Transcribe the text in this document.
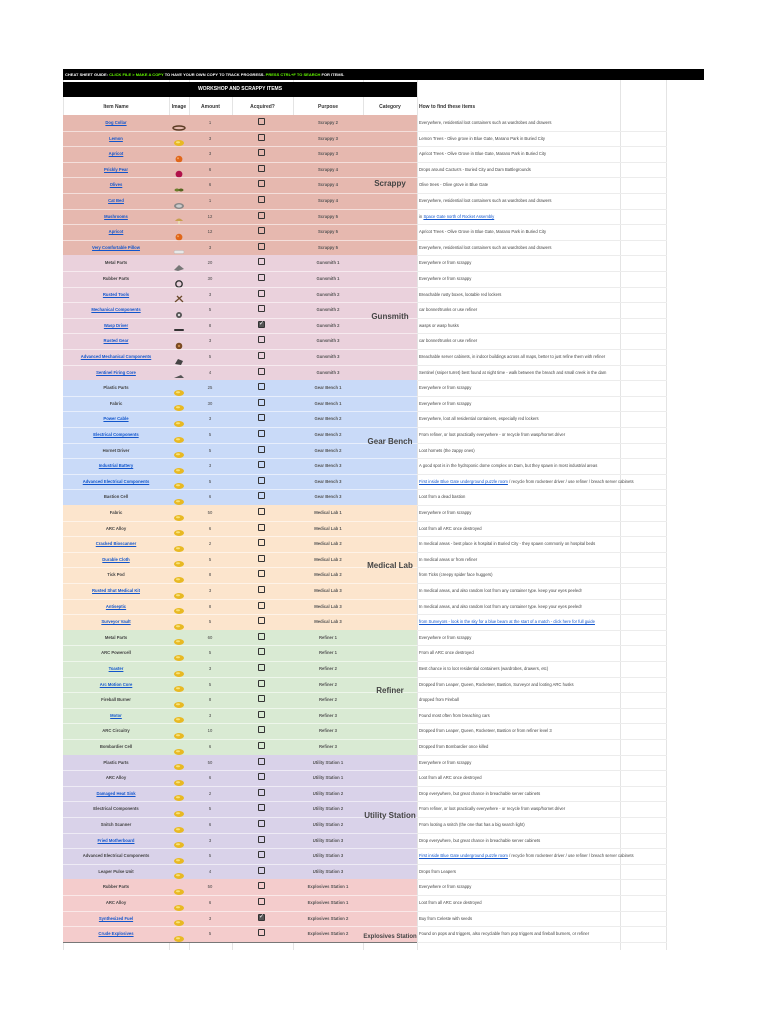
CHEAT SHEET GUIDE: CLICK FILE > MAKE A COPY TO HAVE YOUR OWN COPY TO TRACK PROGRESS. PRESS CTRL+F TO SEARCH FOR ITEMS.
WORKSHOP AND SCRAPPY ITEMS
Item Name	Image	Amount	Acquired?	Purpose	Category	How to find these items
Dog Collar	1	Scrappy 2	Everywhere, residential loot containers such as wardrobes and drawers
Lemon	3	Scrappy 3	Lemon Trees - Olive grove in Blue Gate, Marano Park in Buried City
Apricot	3	Scrappy 3	Apricot Trees - Olive Grove in Blue Gate, Marano Park in Buried City
Prickly Pear	6	Scrappy 4	Drops around Cactus's - Buried City and Dam Battlegrounds
Olives	6	Scrappy 4	Olive trees - Olive grove in Blue Gate
Cat Bed	1	Scrappy 4	Everywhere, residential loot containers such as wardrobes and drawers
Mushrooms	12	Scrappy 5	in Space Gate north of Rocket Assembly
Apricot	12	Scrappy 5	Apricot Trees - Olive Grove in Blue Gate, Marano Park in Buried City
Very Comfortable Pillow	3	Scrappy 5	Everywhere, residential loot containers such as wardrobes and drawers
Scrappy
Metal Parts	20	Gunsmith 1	Everywhere or from scrappy
Rubber Parts	30	Gunsmith 1	Everywhere or from scrappy
Rusted Tools	3	Gunsmith 2	Breachable rusty boxes, lootable red lockers
Mechanical Components	5	Gunsmith 2	car bonnet/trunks or use refiner
Wasp Driver	8 ✓	Gunsmith 2	wasps or wasp husks
Rusted Gear	3	Gunsmith 3	car bonnet/trunks or use refiner
Advanced Mechanical Components	5	Gunsmith 3	Breachable server cabinets, in indoor buildings across all maps, better to just refine them with refiner
Sentinel Firing Core	4	Gunsmith 3	Sentinel (sniper turret) best found at night time - walk between the breach and small creek in the dam
Gunsmith
Plastic Parts	25	Gear Bench 1	Everywhere or from scrappy
Fabric	30	Gear Bench 1	Everywhere or from scrappy
Power Cable	3	Gear Bench 2	Everywhere, loot all residential containers, especially red lockers
Electrical Components	5	Gear Bench 2	From refiner, or loot practically everywhere - or recycle from wasp/hornet driver
Hornet Driver	5	Gear Bench 2	Loot hornets (the zappy ones)
Industrial Battery	3	Gear Bench 3	A good spot is in the hydroponic dome complex on Dam, but they spawn in most industrial areas
Advanced Electrical Components	5	Gear Bench 3	First inside Blue Gate underground puzzle room / recycle from rocketeer driver / use refiner / breach server cabinets
Bastion Cell	6	Gear Bench 3	Loot from a dead bastion
Gear Bench
Fabric	50	Medical Lab 1	Everywhere or from scrappy
ARC Alloy	6	Medical Lab 1	Loot from all ARC once destroyed
Cracked Bioscanner	2	Medical Lab 2	In medical areas - best place is hospital in Buried City - they spawn commonly on hospital beds
Durable Cloth	5	Medical Lab 2	In medical areas or from refiner
Tick Pod	8	Medical Lab 2	from Ticks (creepy spider face huggers)
Rusted Shut Medical Kit	3	Medical Lab 3	In medical areas, and also random loot from any container type. keep your eyes peeled!
Antiseptic	8	Medical Lab 3	In medical areas, and also random loot from any container type. keep your eyes peeled!
Surveyor Vault	5	Medical Lab 3	from Surveyors - look in the sky for a blue beam at the start of a match - click here for full guide
Medical Lab
Metal Parts	60	Refiner 1	Everywhere or from scrappy
ARC Powercell	5	Refiner 1	From all ARC once destroyed
Toaster	3	Refiner 2	Best chance is to loot residential containers (wardrobes, drawers, etc)
Arc Motion Core	5	Refiner 2	Dropped from Leaper, Queen, Rocketeer, Bastion, Surveyor and looting ARC husks
Fireball Burner	8	Refiner 2	dropped from Fireball
Motor	3	Refiner 3	Found most often from breaching cars
ARC Circuitry	10	Refiner 3	Dropped from Leaper, Queen, Rocketeer, Bastion or from refiner level 3
Bombardier Cell	6	Refiner 3	Dropped from Bombardier once killed
Refiner
Plastic Parts	50	Utility Station 1	Everywhere or from scrappy
ARC Alloy	6	Utility Station 1	Loot from all ARC once destroyed
Damaged Heat Sink	2	Utility Station 2	Drop everywhere, but great chance in breachable server cabinets
Electrical Components	5	Utility Station 2	From refiner, or loot practically everywhere - or recycle from wasp/hornet driver
Snitch Scanner	6	Utility Station 2	From looting a snitch (the one that has a big search light)
Fried Motherboard	3	Utility Station 3	Drop everywhere, but great chance in breachable server cabinets
Advanced Electrical Components	5	Utility Station 3	First inside Blue Gate underground puzzle room / recycle from rocketeer driver / use refiner / breach server cabinets
Leaper Pulse Unit	4	Utility Station 3	Drops from Leapers
Utility Station
Rubber Parts	50	Explosives Station 1	Everywhere or from scrappy
ARC Alloy	6	Explosives Station 1	Loot from all ARC once destroyed
Synthesized Fuel	3 ✓	Explosives Station 2	Buy from Celeste with seeds
Crude Explosives	5	Explosives Station 2	Found on pops and triggers, also recyclable from pop triggers and fireball burners, or refiner
Explosives Station
